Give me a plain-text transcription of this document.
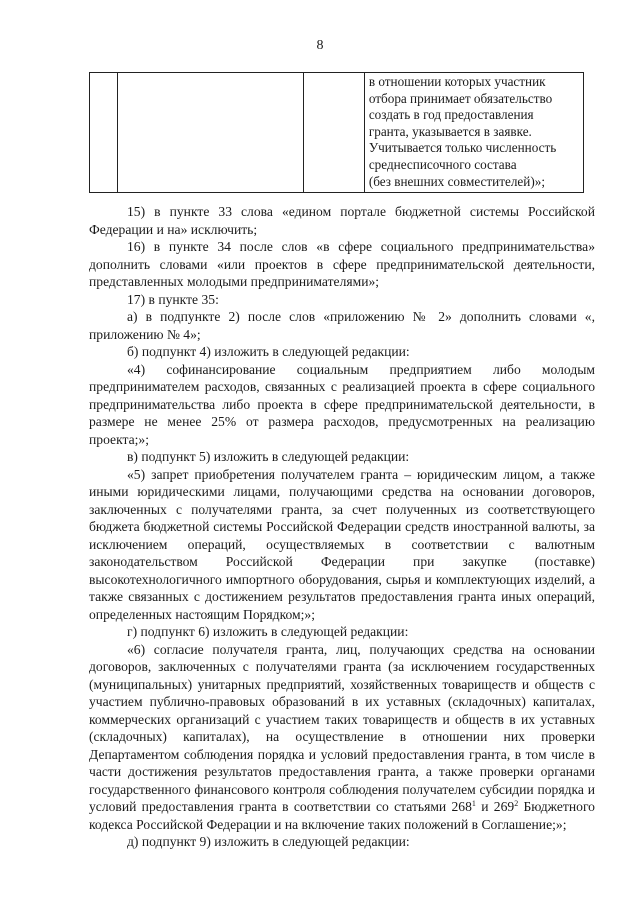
8

в отношении которых участник
отбора принимает обязательство
создать в год предоставления
гранта, указывается в заявке.
Учитывается только численность
среднесписочного состава
(без внешних совместителей)»;

15) в пункте 33 слова «едином портале бюджетной системы Российской Федерации и на» исключить;

16) в пункте 34 после слов «в сфере социального предпринимательства» дополнить словами «или проектов в сфере предпринимательской деятельности, представленных молодыми предпринимателями»;

17) в пункте 35:

а) в подпункте 2) после слов «приложению № 2» дополнить словами «, приложению № 4»;

б) подпункт 4) изложить в следующей редакции:

«4) софинансирование социальным предприятием либо молодым предпринимателем расходов, связанных с реализацией проекта в сфере социального предпринимательства либо проекта в сфере предпринимательской деятельности, в размере не менее 25% от размера расходов, предусмотренных на реализацию проекта;»;

в) подпункт 5) изложить в следующей редакции:

«5) запрет приобретения получателем гранта – юридическим лицом, а также иными юридическими лицами, получающими средства на основании договоров, заключенных с получателями гранта, за счет полученных из соответствующего бюджета бюджетной системы Российской Федерации средств иностранной валюты, за исключением операций, осуществляемых в соответствии с валютным законодательством Российской Федерации при закупке (поставке) высокотехнологичного импортного оборудования, сырья и комплектующих изделий, а также связанных с достижением результатов предоставления гранта иных операций, определенных настоящим Порядком;»;

г) подпункт 6) изложить в следующей редакции:

«6) согласие получателя гранта, лиц, получающих средства на основании договоров, заключенных с получателями гранта (за исключением государственных (муниципальных) унитарных предприятий, хозяйственных товариществ и обществ с участием публично-правовых образований в их уставных (складочных) капиталах, коммерческих организаций с участием таких товариществ и обществ в их уставных (складочных) капиталах), на осуществление в отношении них проверки Департаментом соблюдения порядка и условий предоставления гранта, в том числе в части достижения результатов предоставления гранта, а также проверки органами государственного финансового контроля соблюдения получателем субсидии порядка и условий предоставления гранта в соответствии со статьями $268^1$ и $269^2$ Бюджетного кодекса Российской Федерации и на включение таких положений в Соглашение;»;

д) подпункт 9) изложить в следующей редакции:
